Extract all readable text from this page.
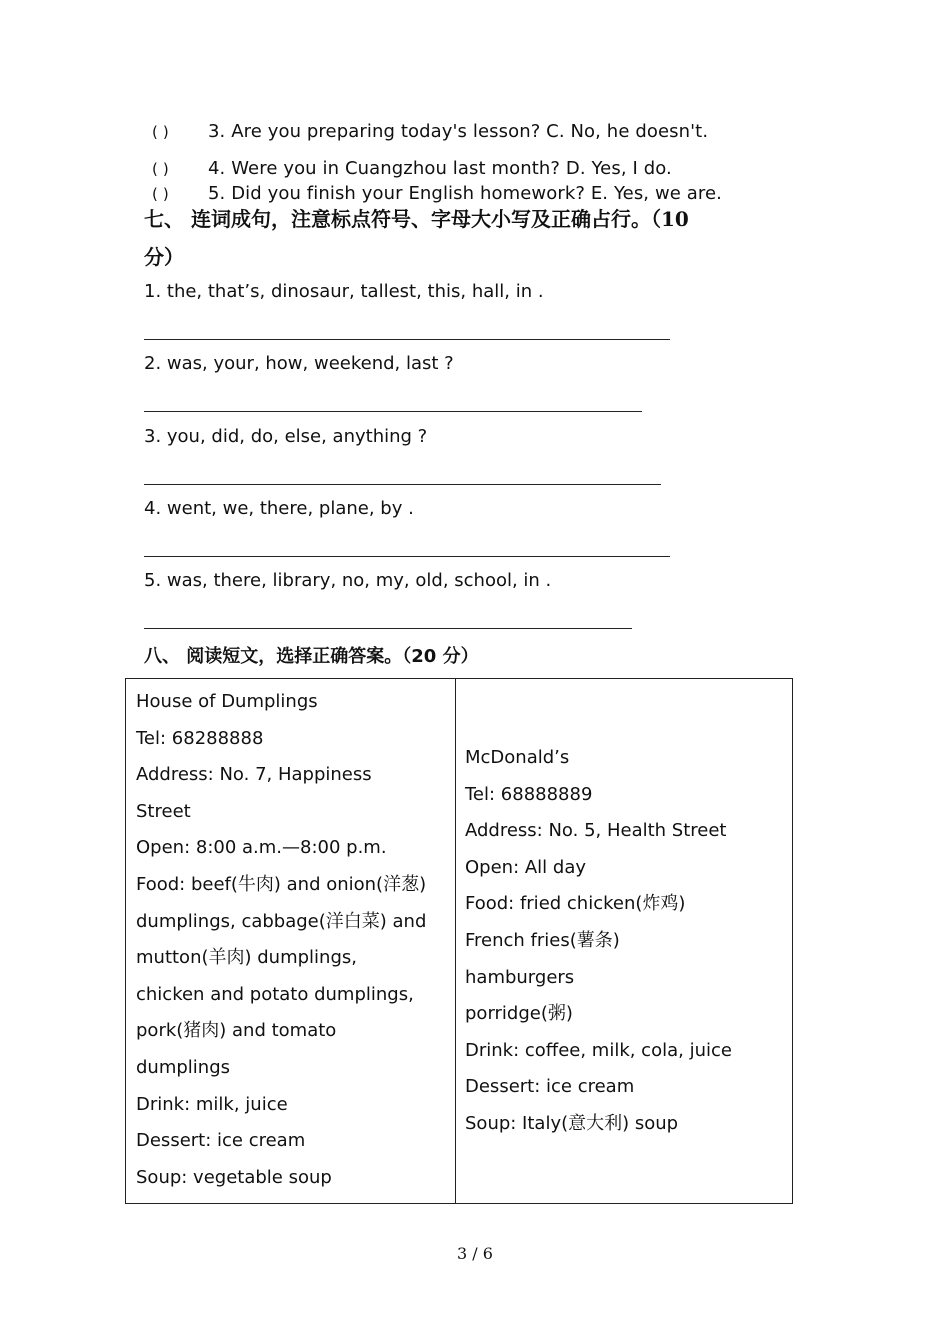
( ) 3. Are you preparing today's lesson? C. No, he doesn't.
( ) 4. Were you in Cuangzhou last month? D. Yes, I do.
( ) 5. Did you finish your English homework? E. Yes, we are.
七、 连词成句，注意标点符号、字母大小写及正确占行。（10
分）
1. the, that’s, dinosaur, tallest, this, hall, in .
2. was, your, how, weekend, last ?
3. you, did, do, else, anything ?
4. went, we, there, plane, by .
5. was, there, library, no, my, old, school, in .
八、 阅读短文，选择正确答案。（20 分）
House of Dumplings
Tel: 68288888
Address: No. 7, Happiness
Street
Open: 8:00 a.m.—8:00 p.m.
Food: beef(牛肉) and onion(洋葱)
dumplings, cabbage(洋白菜) and
mutton(羊肉) dumplings,
chicken and potato dumplings,
pork(猪肉) and tomato
dumplings
Drink: milk, juice
Dessert: ice cream
Soup: vegetable soup

McDonald’s
Tel: 68888889
Address: No. 5, Health Street
Open: All day
Food: fried chicken(炸鸡)
French fries(薯条)
hamburgers
porridge(粥)
Drink: coffee, milk, cola, juice
Dessert: ice cream
Soup: Italy(意大利) soup
3 / 6
